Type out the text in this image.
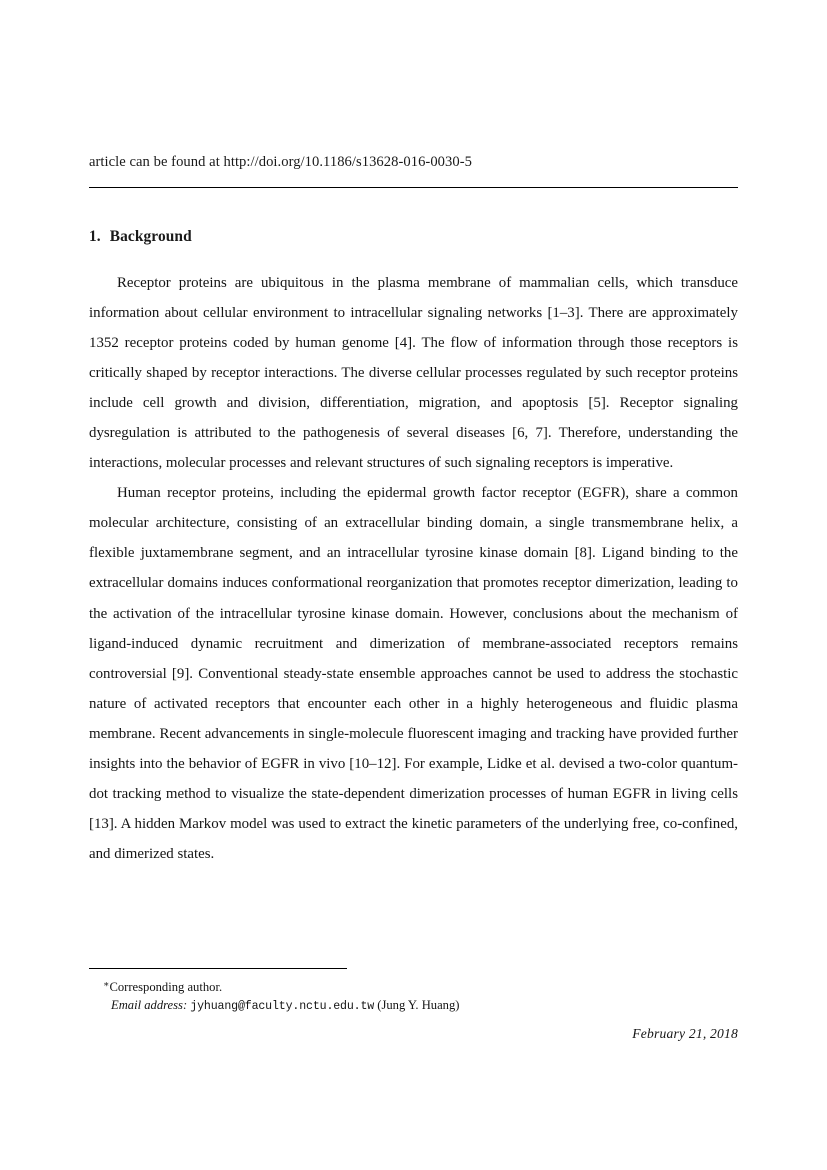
article can be found at http://doi.org/10.1186/s13628-016-0030-5
1. Background

Receptor proteins are ubiquitous in the plasma membrane of mammalian cells, which transduce information about cellular environment to intracellular signaling networks [1–3]. There are approximately 1352 receptor proteins coded by human genome [4]. The flow of information through those receptors is critically shaped by receptor interactions. The diverse cellular processes regulated by such receptor proteins include cell growth and division, differentiation, migration, and apoptosis [5]. Receptor signaling dysregulation is attributed to the pathogenesis of several diseases [6, 7]. Therefore, understanding the interactions, molecular processes and relevant structures of such signaling receptors is imperative.

Human receptor proteins, including the epidermal growth factor receptor (EGFR), share a common molecular architecture, consisting of an extracellular binding domain, a single transmembrane helix, a flexible juxtamembrane segment, and an intracellular tyrosine kinase domain [8]. Ligand binding to the extracellular domains induces conformational reorganization that promotes receptor dimerization, leading to the activation of the intracellular tyrosine kinase domain. However, conclusions about the mechanism of ligand-induced dynamic recruitment and dimerization of membrane-associated receptors remains controversial [9]. Conventional steady-state ensemble approaches cannot be used to address the stochastic nature of activated receptors that encounter each other in a highly heterogeneous and fluidic plasma membrane. Recent advancements in single-molecule fluorescent imaging and tracking have provided further insights into the behavior of EGFR in vivo [10–12]. For example, Lidke et al. devised a two-color quantum-dot tracking method to visualize the state-dependent dimerization processes of human EGFR in living cells [13]. A hidden Markov model was used to extract the kinetic parameters of the underlying free, co-confined, and dimerized states.

∗Corresponding author.
Email address: jyhuang@faculty.nctu.edu.tw (Jung Y. Huang)
February 21, 2018
